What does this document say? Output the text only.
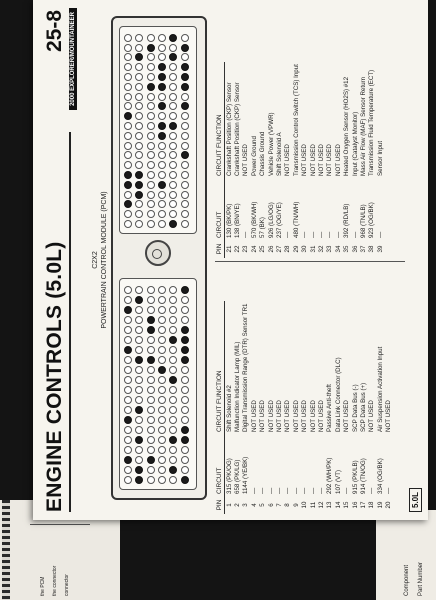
the PCM the connector connector	Component Part Number
ENGINE CONTROLS (5.0L)
25-8 2000 EXPLORER/MOUNTAINEER
C2X2 POWERTRAIN CONTROL MODULE (PCM)
PIN	CIRCUIT	CIRCUIT FUNCTION
1	315 (PK/OG)	Shift Solenoid #2
2	658 (PK/LG)	Malfunction Indicator Lamp (MIL)
3	1144 (YE/BK)	Digital Transmission Range (DTR) Sensor TR1
4	—	NOT USED
5	—	NOT USED
6	—	NOT USED
7	—	NOT USED
8	—	NOT USED
9	—	NOT USED
10	—	NOT USED
11	—	NOT USED
12	—	NOT USED
13	292 (WH/PK)	Passive Anti-theft
14	107 (VT)	Data Link Connector (DLC)
15	—	NOT USED
16	915 (PK/LB)	SCP Data Bus (-)
17	914 (TN/OG)	SCP Data Bus (+)
18	—	NOT USED
19	334 (OG/BK)	Air Suspension Activation Input
20	—	NOT USED
PIN	CIRCUIT	CIRCUIT FUNCTION
21	130 (BK/PK)	Crankshaft Position (CKP) Sensor
22	138 (BN/YE)	Crankshaft Position (CKP) Sensor
23	—	NOT USED
24	570 (BK/WH)	Power Ground
25	57 (BK)	Chassis Ground
26	926 (LG/OG)	Vehicle Power (VPWR)
27	237 (OG/YE)	Shift Solenoid A
28	—	NOT USED
29	480 (TN/WH)	Transmission Control Switch (TCS) Input
30	—	NOT USED
31	—	NOT USED
32	—	NOT USED
33	—	NOT USED
34	—	NOT USED
35	392 (RD/LB)	Heated Oxygen Sensor (HO2S) #12
36	—	Input (Catalyst Monitor)
37	968 (TN/LB)	Mass Air Flow (MAF) Sensor Return
38	923 (OG/BK)	Transmission Fluid Temperature (ECT)
39	—	Sensor Input
5.0L
